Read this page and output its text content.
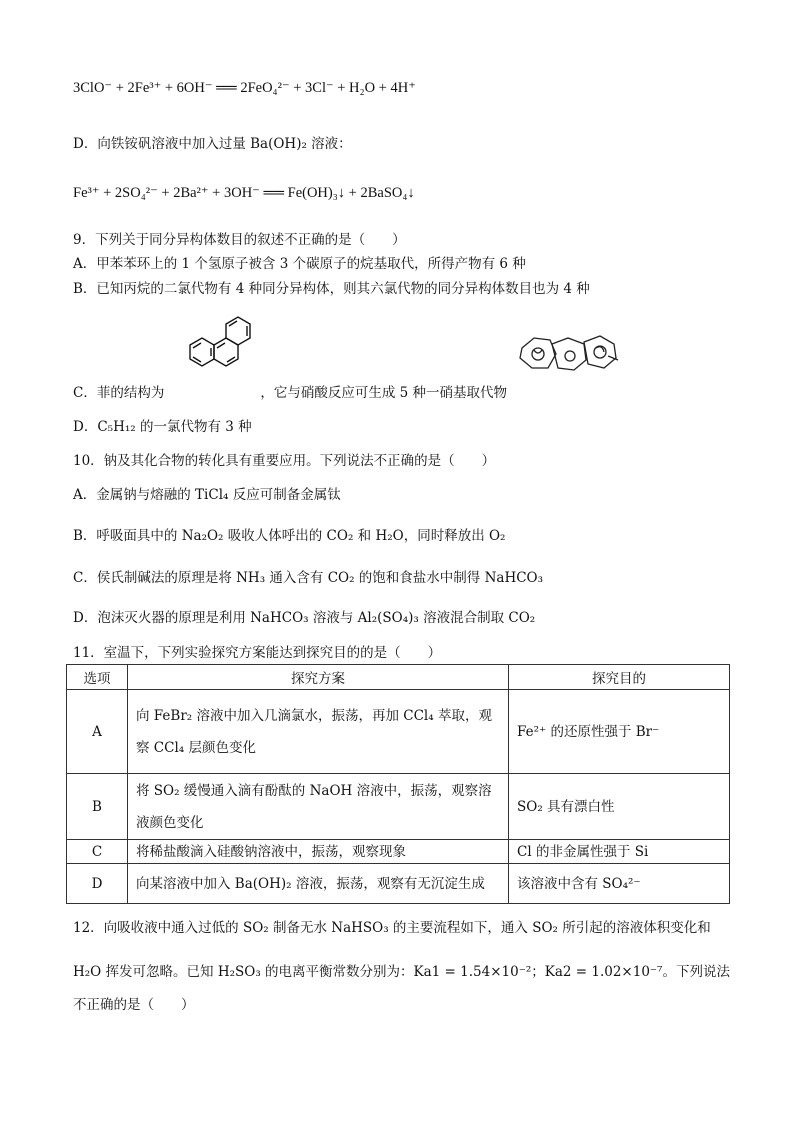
3ClO⁻ + 2Fe³⁺ + 6OH⁻ ══ 2FeO₄²⁻ + 3Cl⁻ + H₂O + 4H⁺
D．向铁铵矾溶液中加入过量 Ba(OH)₂ 溶液：
Fe³⁺ + 2SO₄²⁻ + 2Ba²⁺ + 3OH⁻ ══ Fe(OH)₃↓ + 2BaSO₄↓
9．下列关于同分异构体数目的叙述不正确的是（　　）
A．甲苯苯环上的 1 个氢原子被含 3 个碳原子的烷基取代，所得产物有 6 种
B．已知丙烷的二氯代物有 4 种同分异构体，则其六氯代物的同分异构体数目也为 4 种
C．菲的结构为	，它与硝酸反应可生成 5 种一硝基取代物
D．C₅H₁₂ 的一氯代物有 3 种
10．钠及其化合物的转化具有重要应用。下列说法不正确的是（　　）
A．金属钠与熔融的 TiCl₄ 反应可制备金属钛
B．呼吸面具中的 Na₂O₂ 吸收人体呼出的 CO₂ 和 H₂O，同时释放出 O₂
C．侯氏制碱法的原理是将 NH₃ 通入含有 CO₂ 的饱和食盐水中制得 NaHCO₃
D．泡沫灭火器的原理是利用 NaHCO₃ 溶液与 Al₂(SO₄)₃ 溶液混合制取 CO₂
11．室温下，下列实验探究方案能达到探究目的的是（　　）
选项	探究方案	探究目的
A	向 FeBr₂ 溶液中加入几滴氯水，振荡，再加 CCl₄ 萃取，观察 CCl₄ 层颜色变化	Fe²⁺ 的还原性强于 Br⁻
B	将 SO₂ 缓慢通入滴有酚酞的 NaOH 溶液中，振荡，观察溶液颜色变化	SO₂ 具有漂白性
C	将稀盐酸滴入硅酸钠溶液中，振荡，观察现象	Cl 的非金属性强于 Si
D	向某溶液中加入 Ba(OH)₂ 溶液，振荡，观察有无沉淀生成	该溶液中含有 SO₄²⁻
12．向吸收液中通入过低的 SO₂ 制备无水 NaHSO₃ 的主要流程如下，通入 SO₂ 所引起的溶液体积变化和
H₂O 挥发可忽略。已知 H₂SO₃ 的电离平衡常数分别为：Ka1 = 1.54×10⁻²；Ka2 = 1.02×10⁻⁷。下列说法
不正确的是（　　）
